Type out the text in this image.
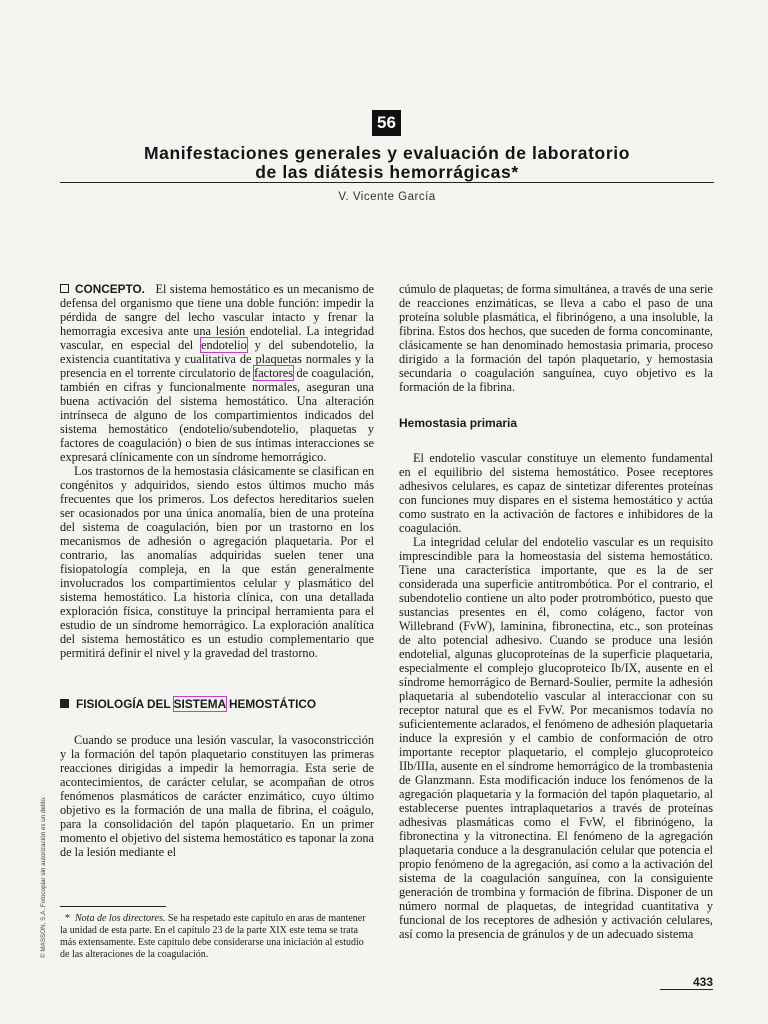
56
Manifestaciones generales y evaluación de laboratorio
de las diátesis hemorrágicas*
V. Vicente García

CONCEPTO. El sistema hemostático es un mecanismo de defensa del organismo que tiene una doble función: impedir la pérdida de sangre del lecho vascular intacto y frenar la hemorragia excesiva ante una lesión endotelial. La integridad vascular, en especial del endotelio y del subendotelio, la existencia cuantitativa y cualitativa de plaquetas normales y la presencia en el torrente circulatorio de factores de coagulación, también en cifras y funcionalmente normales, aseguran una buena activación del sistema hemostático. Una alteración intrínseca de alguno de los compartimientos indicados del sistema hemostático (endotelio/subendotelio, plaquetas y factores de coagulación) o bien de sus íntimas interacciones se expresará clínicamente con un síndrome hemorrágico.

Los trastornos de la hemostasia clásicamente se clasifican en congénitos y adquiridos, siendo estos últimos mucho más frecuentes que los primeros. Los defectos hereditarios suelen ser ocasionados por una única anomalía, bien de una proteína del sistema de coagulación, bien por un trastorno en los mecanismos de adhesión o agregación plaquetaria. Por el contrario, las anomalías adquiridas suelen tener una fisiopatología compleja, en la que están generalmente involucrados los compartimientos celular y plasmático del sistema hemostático. La historia clínica, con una detallada exploración física, constituye la principal herramienta para el estudio de un síndrome hemorrágico. La exploración analítica del sistema hemostático es un estudio complementario que permitirá definir el nivel y la gravedad del trastorno.

FISIOLOGÍA DEL SISTEMA HEMOSTÁTICO

Cuando se produce una lesión vascular, la vasoconstricción y la formación del tapón plaquetario constituyen las primeras reacciones dirigidas a impedir la hemorragia. Esta serie de acontecimientos, de carácter celular, se acompañan de otros fenómenos plasmáticos de carácter enzimático, cuyo último objetivo es la formación de una malla de fibrina, el coágulo, para la consolidación del tapón plaquetario. En un primer momento el objetivo del sistema hemostático es taponar la zona de la lesión mediante el

* Nota de los directores. Se ha respetado este capítulo en aras de mantener la unidad de esta parte. En el capítulo 23 de la parte XIX este tema se trata más extensamente. Este capítulo debe considerarse una iniciación al estudio de las alteraciones de la coagulación.

cúmulo de plaquetas; de forma simultánea, a través de una serie de reacciones enzimáticas, se lleva a cabo el paso de una proteína soluble plasmática, el fibrinógeno, a una insoluble, la fibrina. Estos dos hechos, que suceden de forma concominante, clásicamente se han denominado hemostasia primaria, proceso dirigido a la formación del tapón plaquetario, y hemostasia secundaria o coagulación sanguínea, cuyo objetivo es la formación de la fibrina.

Hemostasia primaria

El endotelio vascular constituye un elemento fundamental en el equilibrio del sistema hemostático. Posee receptores adhesivos celulares, es capaz de sintetizar diferentes proteínas con funciones muy dispares en el sistema hemostático y actúa como sustrato en la activación de factores e inhibidores de la coagulación.

La integridad celular del endotelio vascular es un requisito imprescindible para la homeostasia del sistema hemostático. Tiene una característica importante, que es la de ser considerada una superficie antitrombótica. Por el contrario, el subendotelio contiene un alto poder protrombótico, puesto que sustancias presentes en él, como colágeno, factor von Willebrand (FvW), laminina, fibronectina, etc., son proteínas de alto potencial adhesivo. Cuando se produce una lesión endotelial, algunas glucoproteínas de la superficie plaquetaria, especialmente el complejo glucoproteico Ib/IX, ausente en el síndrome hemorrágico de Bernard-Soulier, permite la adhesión plaquetaria al subendotelio vascular al interaccionar con su receptor natural que es el FvW. Por mecanismos todavía no suficientemente aclarados, el fenómeno de adhesión plaquetaria induce la expresión y el cambio de conformación de otro importante receptor plaquetario, el complejo glucoproteico IIb/IIIa, ausente en el síndrome hemorrágico de la trombastenia de Glanzmann. Esta modificación induce los fenómenos de la agregación plaquetaria y la formación del tapón plaquetario, al establecerse puentes intraplaquetarios a través de proteínas adhesivas plasmáticas como el FvW, el fibrinógeno, la fibronectina y la vitronectina. El fenómeno de la agregación plaquetaria conduce a la desgranulación celular que potencia el propio fenómeno de la agregación, así como a la activación del sistema de la coagulación sanguínea, con la consiguiente generación de trombina y formación de fibrina. Disponer de un número normal de plaquetas, de integridad cuantitativa y funcional de los receptores de adhesión y activación celulares, así como la presencia de gránulos y de un adecuado sistema

© MASSON, S.A. Fotocopiar sin autorización es un delito.
433
